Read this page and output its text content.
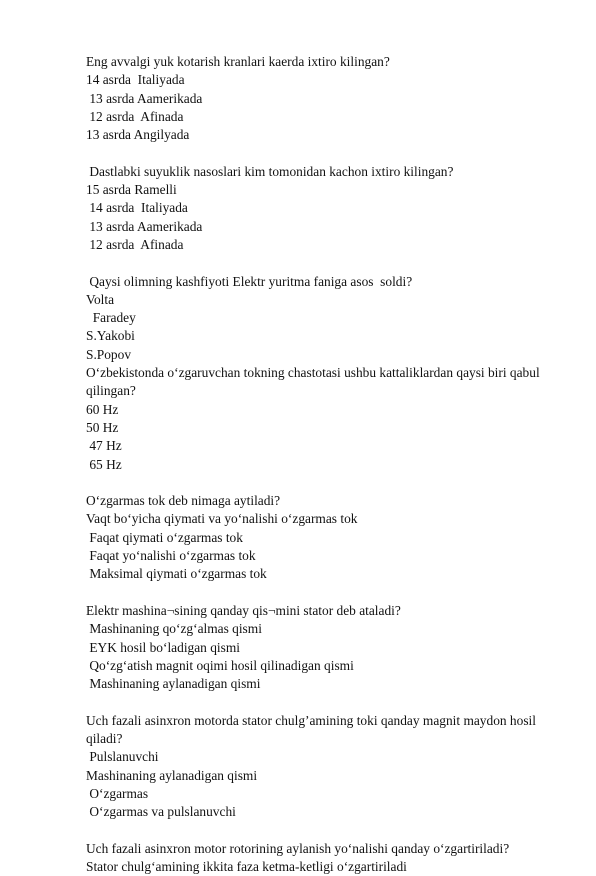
Eng avvalgi yuk kotarish kranlari kaerda ixtiro kilingan?
14 asrda  Italiyada
13 asrda Aamerikada
12 asrda  Afinada
13 asrda Angilyada
Dastlabki suyuklik nasoslari kim tomonidan kachon ixtiro kilingan?
15 asrda Ramelli
14 asrda  Italiyada
13 asrda Aamerikada
12 asrda  Afinada
Qaysi olimning kashfiyoti Elektr yuritma faniga asos  soldi?
Volta
Faradey
S.Yakobi
S.Popov
O‘zbekistonda o‘zgaruvchan tokning chastotasi ushbu kattaliklardan qaysi biri qabul qilingan?
60 Hz
50 Hz
47 Hz
65 Hz
O‘zgarmas tok deb nimaga aytiladi?
Vaqt bo‘yicha qiymati va yo‘nalishi o‘zgarmas tok
Faqat qiymati o‘zgarmas tok
Faqat yo‘nalishi o‘zgarmas tok
Maksimal qiymati o‘zgarmas tok
Elektr mashina¬sining qanday qis¬mini stator deb ataladi?
Mashinaning qo‘zg‘almas qismi
EYK hosil bo‘ladigan qismi
Qo‘zg‘atish magnit oqimi hosil qilinadigan qismi
Mashinaning aylanadigan qismi
Uch fazali asinxron motorda stator chulg’amining toki qanday magnit maydon hosil qiladi?
Pulslanuvchi
Mashinaning aylanadigan qismi
O‘zgarmas
O‘zgarmas va pulslanuvchi
Uch fazali asinxron motor rotorining aylanish yo‘nalishi qanday o‘zgartiriladi?
Stator chulg‘amining ikkita faza ketma-ketligi o‘zgartiriladi
